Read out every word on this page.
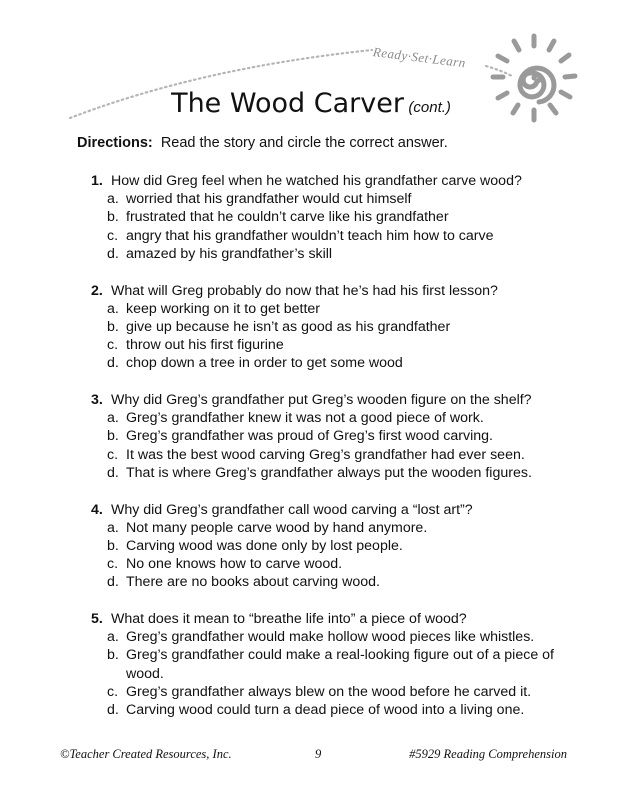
Ready·Set·Learn
The Wood Carver (cont.)
Directions: Read the story and circle the correct answer.
1. How did Greg feel when he watched his grandfather carve wood?
a. worried that his grandfather would cut himself
b. frustrated that he couldn’t carve like his grandfather
c. angry that his grandfather wouldn’t teach him how to carve
d. amazed by his grandfather’s skill
2. What will Greg probably do now that he’s had his first lesson?
a. keep working on it to get better
b. give up because he isn’t as good as his grandfather
c. throw out his first figurine
d. chop down a tree in order to get some wood
3. Why did Greg’s grandfather put Greg’s wooden figure on the shelf?
a. Greg’s grandfather knew it was not a good piece of work.
b. Greg’s grandfather was proud of Greg’s first wood carving.
c. It was the best wood carving Greg’s grandfather had ever seen.
d. That is where Greg’s grandfather always put the wooden figures.
4. Why did Greg’s grandfather call wood carving a “lost art”?
a. Not many people carve wood by hand anymore.
b. Carving wood was done only by lost people.
c. No one knows how to carve wood.
d. There are no books about carving wood.
5. What does it mean to “breathe life into” a piece of wood?
a. Greg’s grandfather would make hollow wood pieces like whistles.
b. Greg’s grandfather could make a real-looking figure out of a piece of wood.
c. Greg’s grandfather always blew on the wood before he carved it.
d. Carving wood could turn a dead piece of wood into a living one.
©Teacher Created Resources, Inc.	9	#5929 Reading Comprehension
